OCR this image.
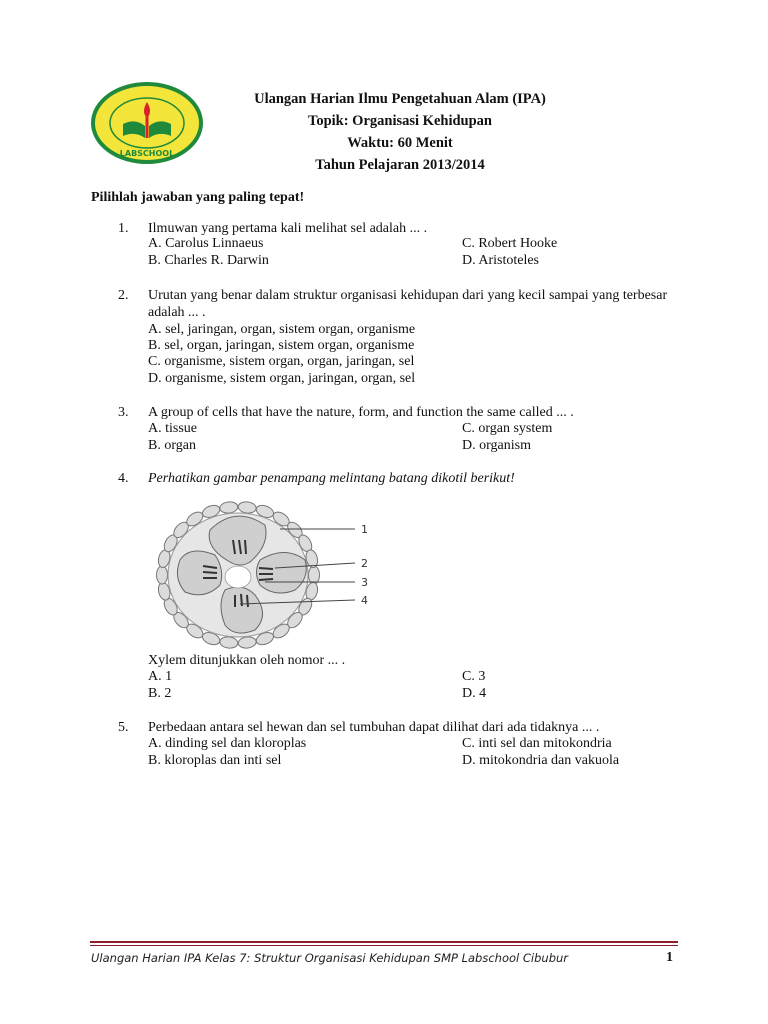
LABSCHOOL
Ulangan Harian Ilmu Pengetahuan Alam (IPA)
Topik: Organisasi Kehidupan
Waktu: 60 Menit
Tahun Pelajaran 2013/2014
Pilihlah jawaban yang paling tepat!
1. Ilmuwan yang pertama kali melihat sel adalah ... .
A. Carolus Linnaeus
B. Charles R. Darwin
C. Robert Hooke
D. Aristoteles
2. Urutan yang benar dalam struktur organisasi kehidupan dari yang kecil sampai yang terbesar adalah ... .
A. sel, jaringan, organ, sistem organ, organisme
B. sel, organ, jaringan, sistem organ, organisme
C. organisme, sistem organ, organ, jaringan, sel
D. organisme, sistem organ, jaringan, organ, sel
3. A group of cells that have the nature, form, and function the same called ... .
A. tissue
B. organ
C. organ system
D. organism
4. Perhatikan gambar penampang melintang batang dikotil berikut!
1
2
3
4
Xylem ditunjukkan oleh nomor ... .
A. 1
B. 2
C. 3
D. 4
5. Perbedaan antara sel hewan dan sel tumbuhan dapat dilihat dari ada tidaknya ... .
A. dinding sel dan kloroplas
B. kloroplas dan inti sel
C. inti sel dan mitokondria
D. mitokondria dan vakuola
Ulangan Harian IPA Kelas 7: Struktur Organisasi Kehidupan SMP Labschool Cibubur	1
